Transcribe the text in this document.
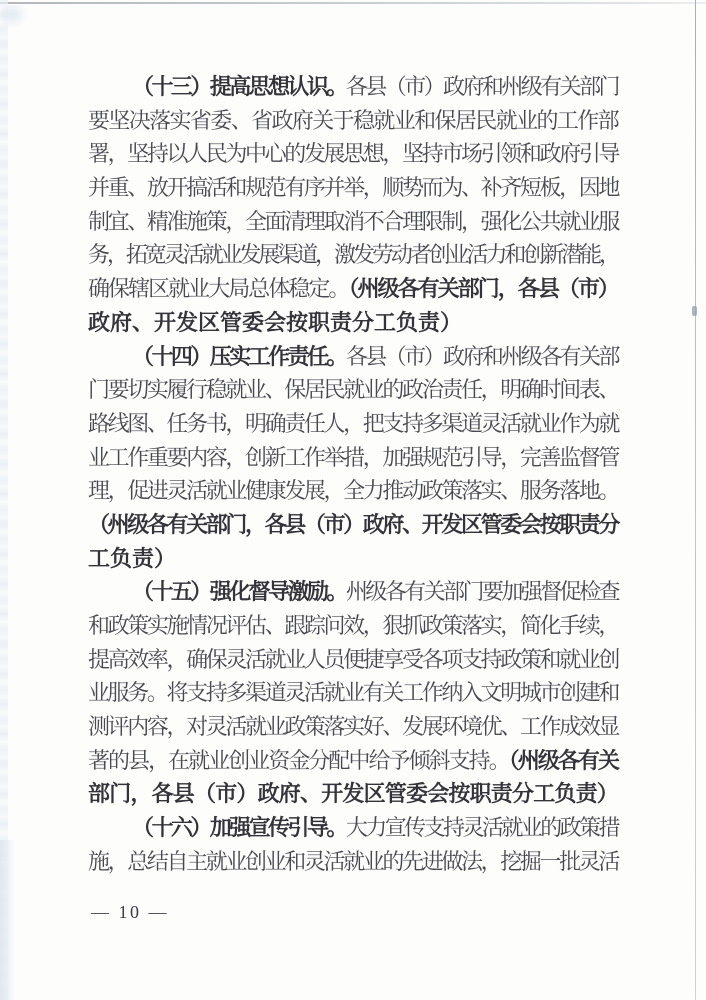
（十三）提高思想认识。各县（市）政府和州级有关部门
要坚决落实省委、省政府关于稳就业和保居民就业的工作部
署，坚持以人民为中心的发展思想，坚持市场引领和政府引导
并重、放开搞活和规范有序并举，顺势而为、补齐短板，因地
制宜、精准施策，全面清理取消不合理限制，强化公共就业服
务，拓宽灵活就业发展渠道，激发劳动者创业活力和创新潜能，
确保辖区就业大局总体稳定。（州级各有关部门，各县（市）
政府、开发区管委会按职责分工负责）
（十四）压实工作责任。各县（市）政府和州级各有关部
门要切实履行稳就业、保居民就业的政治责任，明确时间表、
路线图、任务书，明确责任人，把支持多渠道灵活就业作为就
业工作重要内容，创新工作举措，加强规范引导，完善监督管
理，促进灵活就业健康发展，全力推动政策落实、服务落地。
（州级各有关部门，各县（市）政府、开发区管委会按职责分
工负责）
（十五）强化督导激励。州级各有关部门要加强督促检查
和政策实施情况评估、跟踪问效，狠抓政策落实，简化手续，
提高效率，确保灵活就业人员便捷享受各项支持政策和就业创
业服务。将支持多渠道灵活就业有关工作纳入文明城市创建和
测评内容，对灵活就业政策落实好、发展环境优、工作成效显
著的县，在就业创业资金分配中给予倾斜支持。（州级各有关
部门，各县（市）政府、开发区管委会按职责分工负责）
（十六）加强宣传引导。大力宣传支持灵活就业的政策措
施，总结自主就业创业和灵活就业的先进做法，挖掘一批灵活
— 10 —
